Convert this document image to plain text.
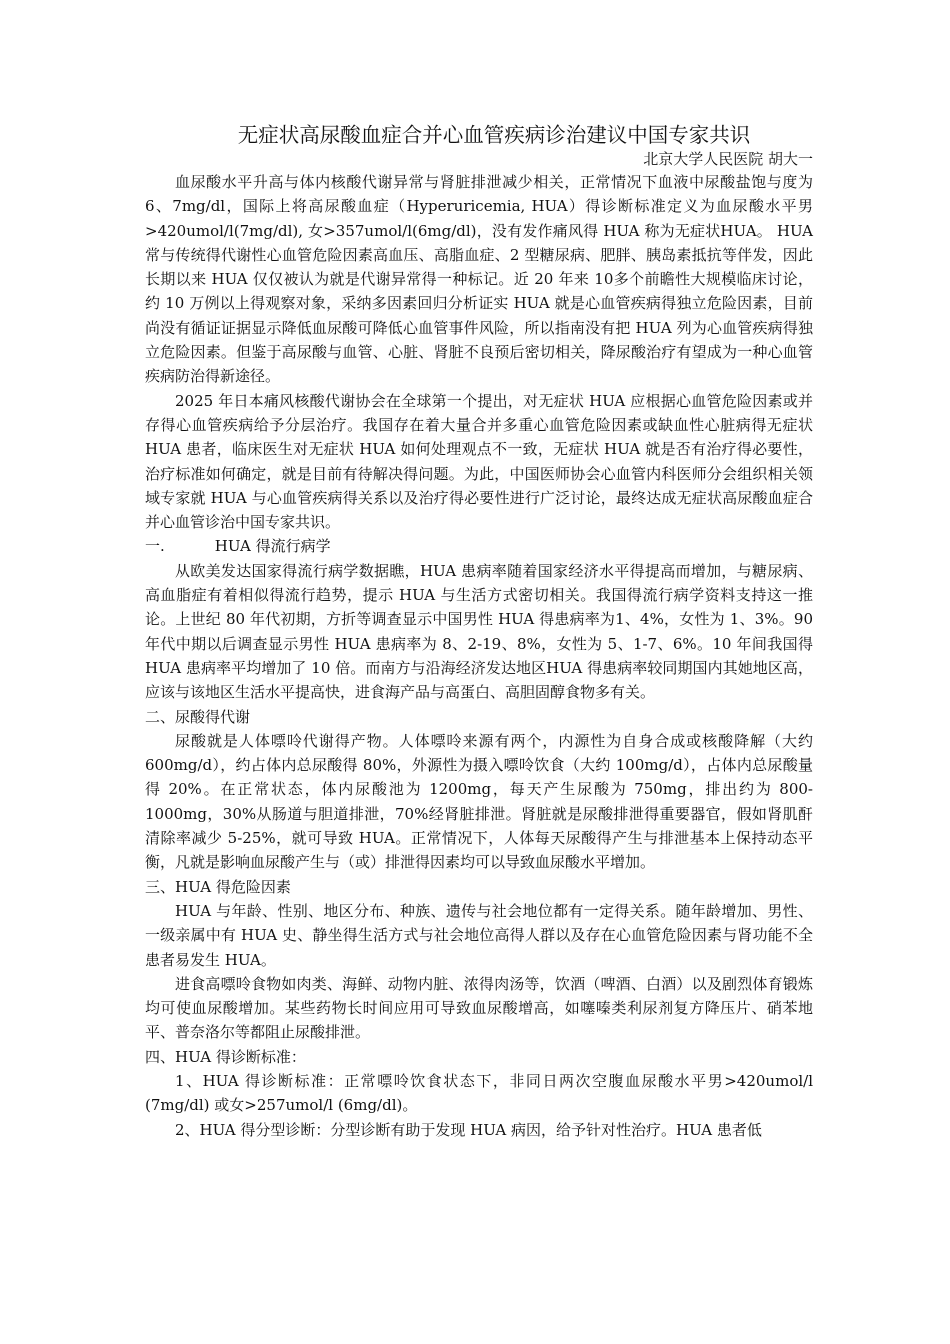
无症状高尿酸血症合并心血管疾病诊治建议中国专家共识
北京大学人民医院 胡大一

血尿酸水平升高与体内核酸代谢异常与肾脏排泄减少相关，正常情况下血液中尿酸盐饱与度为6、7mg/dl，国际上将高尿酸血症（Hyperuricemia, HUA）得诊断标准定义为血尿酸水平男>420umol/l(7mg/dl), 女>357umol/l(6mg/dl)，没有发作痛风得 HUA 称为无症状HUA。 HUA 常与传统得代谢性心血管危险因素高血压、高脂血症、2 型糖尿病、肥胖、胰岛素抵抗等伴发，因此长期以来 HUA 仅仅被认为就是代谢异常得一种标记。近 20 年来 10多个前瞻性大规模临床讨论，约 10 万例以上得观察对象，采纳多因素回归分析证实 HUA 就是心血管疾病得独立危险因素，目前尚没有循证证据显示降低血尿酸可降低心血管事件风险，所以指南没有把 HUA 列为心血管疾病得独立危险因素。但鉴于高尿酸与血管、心脏、肾脏不良预后密切相关，降尿酸治疗有望成为一种心血管疾病防治得新途径。

2025 年日本痛风核酸代谢协会在全球第一个提出，对无症状 HUA 应根据心血管危险因素或并存得心血管疾病给予分层治疗。我国存在着大量合并多重心血管危险因素或缺血性心脏病得无症状 HUA 患者，临床医生对无症状 HUA 如何处理观点不一致，无症状 HUA 就是否有治疗得必要性，治疗标准如何确定，就是目前有待解决得问题。为此，中国医师协会心血管内科医师分会组织相关领域专家就 HUA 与心血管疾病得关系以及治疗得必要性进行广泛讨论，最终达成无症状高尿酸血症合并心血管诊治中国专家共识。

一.	HUA 得流行病学

从欧美发达国家得流行病学数据瞧，HUA 患病率随着国家经济水平得提高而增加，与糖尿病、高血脂症有着相似得流行趋势，提示 HUA 与生活方式密切相关。我国得流行病学资料支持这一推论。上世纪 80 年代初期，方折等调查显示中国男性 HUA 得患病率为1、4%，女性为 1、3%。90 年代中期以后调查显示男性 HUA 患病率为 8、2-19、8%，女性为 5、1-7、6%。10 年间我国得 HUA 患病率平均增加了 10 倍。而南方与沿海经济发达地区HUA 得患病率较同期国内其她地区高，应该与该地区生活水平提高快，进食海产品与高蛋白、高胆固醇食物多有关。

二、尿酸得代谢

尿酸就是人体嘌呤代谢得产物。人体嘌呤来源有两个，内源性为自身合成或核酸降解（大约 600mg/d），约占体内总尿酸得 80%，外源性为摄入嘌呤饮食（大约 100mg/d），占体内总尿酸量得 20%。在正常状态，体内尿酸池为 1200mg，每天产生尿酸为 750mg，排出约为 800-1000mg，30%从肠道与胆道排泄，70%经肾脏排泄。肾脏就是尿酸排泄得重要器官，假如肾肌酐清除率减少 5-25%，就可导致 HUA。正常情况下，人体每天尿酸得产生与排泄基本上保持动态平衡，凡就是影响血尿酸产生与（或）排泄得因素均可以导致血尿酸水平增加。

三、HUA 得危险因素

HUA 与年龄、性别、地区分布、种族、遗传与社会地位都有一定得关系。随年龄增加、男性、一级亲属中有 HUA 史、静坐得生活方式与社会地位高得人群以及存在心血管危险因素与肾功能不全患者易发生 HUA。

进食高嘌呤食物如肉类、海鲜、动物内脏、浓得肉汤等，饮酒（啤酒、白酒）以及剧烈体育锻炼均可使血尿酸增加。某些药物长时间应用可导致血尿酸增高，如噻嗪类利尿剂复方降压片、硝苯地平、普奈洛尔等都阻止尿酸排泄。

四、HUA 得诊断标准：

1、HUA 得诊断标准：正常嘌呤饮食状态下，非同日两次空腹血尿酸水平男>420umol/l (7mg/dl) 或女>257umol/l (6mg/dl)。

2、HUA 得分型诊断：分型诊断有助于发现 HUA 病因，给予针对性治疗。HUA 患者低
